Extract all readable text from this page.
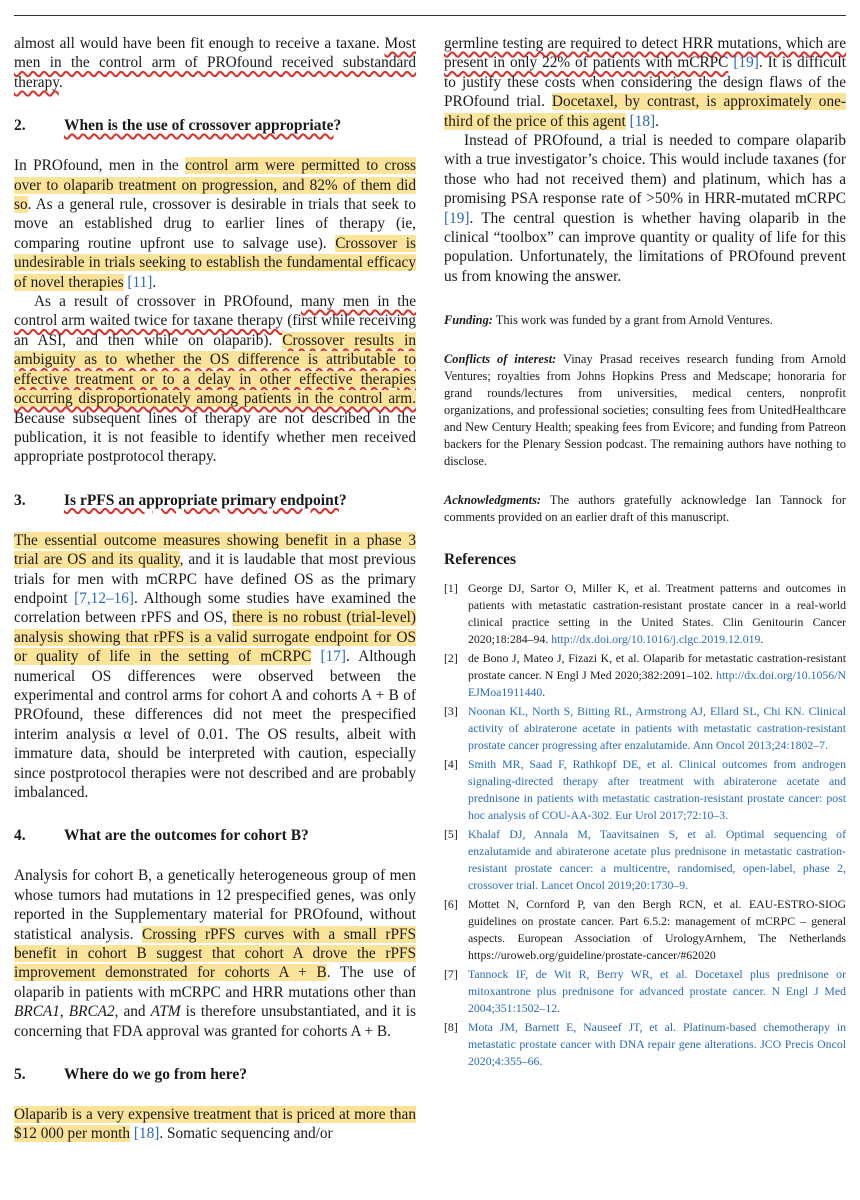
almost all would have been fit enough to receive a taxane. Most men in the control arm of PROfound received substandard therapy.

2.	When is the use of crossover appropriate?

In PROfound, men in the control arm were permitted to cross over to olaparib treatment on progression, and 82% of them did so. As a general rule, crossover is desirable in trials that seek to move an established drug to earlier lines of therapy (ie, comparing routine upfront use to salvage use). Crossover is undesirable in trials seeking to establish the fundamental efficacy of novel therapies [11].

As a result of crossover in PROfound, many men in the control arm waited twice for taxane therapy (first while receiving an ASI, and then while on olaparib). Crossover results in ambiguity as to whether the OS difference is attributable to effective treatment or to a delay in other effective therapies occurring disproportionately among patients in the control arm. Because subsequent lines of therapy are not described in the publication, it is not feasible to identify whether men received appropriate postprotocol therapy.

3.	Is rPFS an appropriate primary endpoint?

The essential outcome measures showing benefit in a phase 3 trial are OS and its quality, and it is laudable that most previous trials for men with mCRPC have defined OS as the primary endpoint [7,12–16]. Although some studies have examined the correlation between rPFS and OS, there is no robust (trial-level) analysis showing that rPFS is a valid surrogate endpoint for OS or quality of life in the setting of mCRPC [17]. Although numerical OS differences were observed between the experimental and control arms for cohort A and cohorts A + B of PROfound, these differences did not meet the prespecified interim analysis α level of 0.01. The OS results, albeit with immature data, should be interpreted with caution, especially since postprotocol therapies were not described and are probably imbalanced.

4.	What are the outcomes for cohort B?

Analysis for cohort B, a genetically heterogeneous group of men whose tumors had mutations in 12 prespecified genes, was only reported in the Supplementary material for PROfound, without statistical analysis. Crossing rPFS curves with a small rPFS benefit in cohort B suggest that cohort A drove the rPFS improvement demonstrated for cohorts A + B. The use of olaparib in patients with mCRPC and HRR mutations other than BRCA1, BRCA2, and ATM is therefore unsubstantiated, and it is concerning that FDA approval was granted for cohorts A + B.

5.	Where do we go from here?

Olaparib is a very expensive treatment that is priced at more than $12 000 per month [18]. Somatic sequencing and/or

germline testing are required to detect HRR mutations, which are present in only 22% of patients with mCRPC [19]. It is difficult to justify these costs when considering the design flaws of the PROfound trial. Docetaxel, by contrast, is approximately one-third of the price of this agent [18].

Instead of PROfound, a trial is needed to compare olaparib with a true investigator’s choice. This would include taxanes (for those who had not received them) and platinum, which has a promising PSA response rate of >50% in HRR-mutated mCRPC [19]. The central question is whether having olaparib in the clinical “toolbox” can improve quantity or quality of life for this population. Unfortunately, the limitations of PROfound prevent us from knowing the answer.

Funding: This work was funded by a grant from Arnold Ventures.

Conflicts of interest: Vinay Prasad receives research funding from Arnold Ventures; royalties from Johns Hopkins Press and Medscape; honoraria for grand rounds/lectures from universities, medical centers, nonprofit organizations, and professional societies; consulting fees from UnitedHealthcare and New Century Health; speaking fees from Evicore; and funding from Patreon backers for the Plenary Session podcast. The remaining authors have nothing to disclose.

Acknowledgments: The authors gratefully acknowledge Ian Tannock for comments provided on an earlier draft of this manuscript.

References
[1] George DJ, Sartor O, Miller K, et al. Treatment patterns and outcomes in patients with metastatic castration-resistant prostate cancer in a real-world clinical practice setting in the United States. Clin Genitourin Cancer 2020;18:284–94. http://dx.doi.org/10.1016/j.clgc.2019.12.019.
[2] de Bono J, Mateo J, Fizazi K, et al. Olaparib for metastatic castration-resistant prostate cancer. N Engl J Med 2020;382:2091–102. http://dx.doi.org/10.1056/NEJMoa1911440.
[3] Noonan KL, North S, Bitting RL, Armstrong AJ, Ellard SL, Chi KN. Clinical activity of abiraterone acetate in patients with metastatic castration-resistant prostate cancer progressing after enzalutamide. Ann Oncol 2013;24:1802–7.
[4] Smith MR, Saad F, Rathkopf DE, et al. Clinical outcomes from androgen signaling-directed therapy after treatment with abiraterone acetate and prednisone in patients with metastatic castration-resistant prostate cancer: post hoc analysis of COU-AA-302. Eur Urol 2017;72:10–3.
[5] Khalaf DJ, Annala M, Taavitsainen S, et al. Optimal sequencing of enzalutamide and abiraterone acetate plus prednisone in metastatic castration-resistant prostate cancer: a multicentre, randomised, open-label, phase 2, crossover trial. Lancet Oncol 2019;20:1730–9.
[6] Mottet N, Cornford P, van den Bergh RCN, et al. EAU-ESTRO-SIOG guidelines on prostate cancer. Part 6.5.2: management of mCRPC – general aspects. European Association of UrologyArnhem, The Netherlands https://uroweb.org/guideline/prostate-cancer/#62020
[7] Tannock IF, de Wit R, Berry WR, et al. Docetaxel plus prednisone or mitoxantrone plus prednisone for advanced prostate cancer. N Engl J Med 2004;351:1502–12.
[8] Mota JM, Barnett E, Nauseef JT, et al. Platinum-based chemotherapy in metastatic prostate cancer with DNA repair gene alterations. JCO Precis Oncol 2020;4:355–66.
